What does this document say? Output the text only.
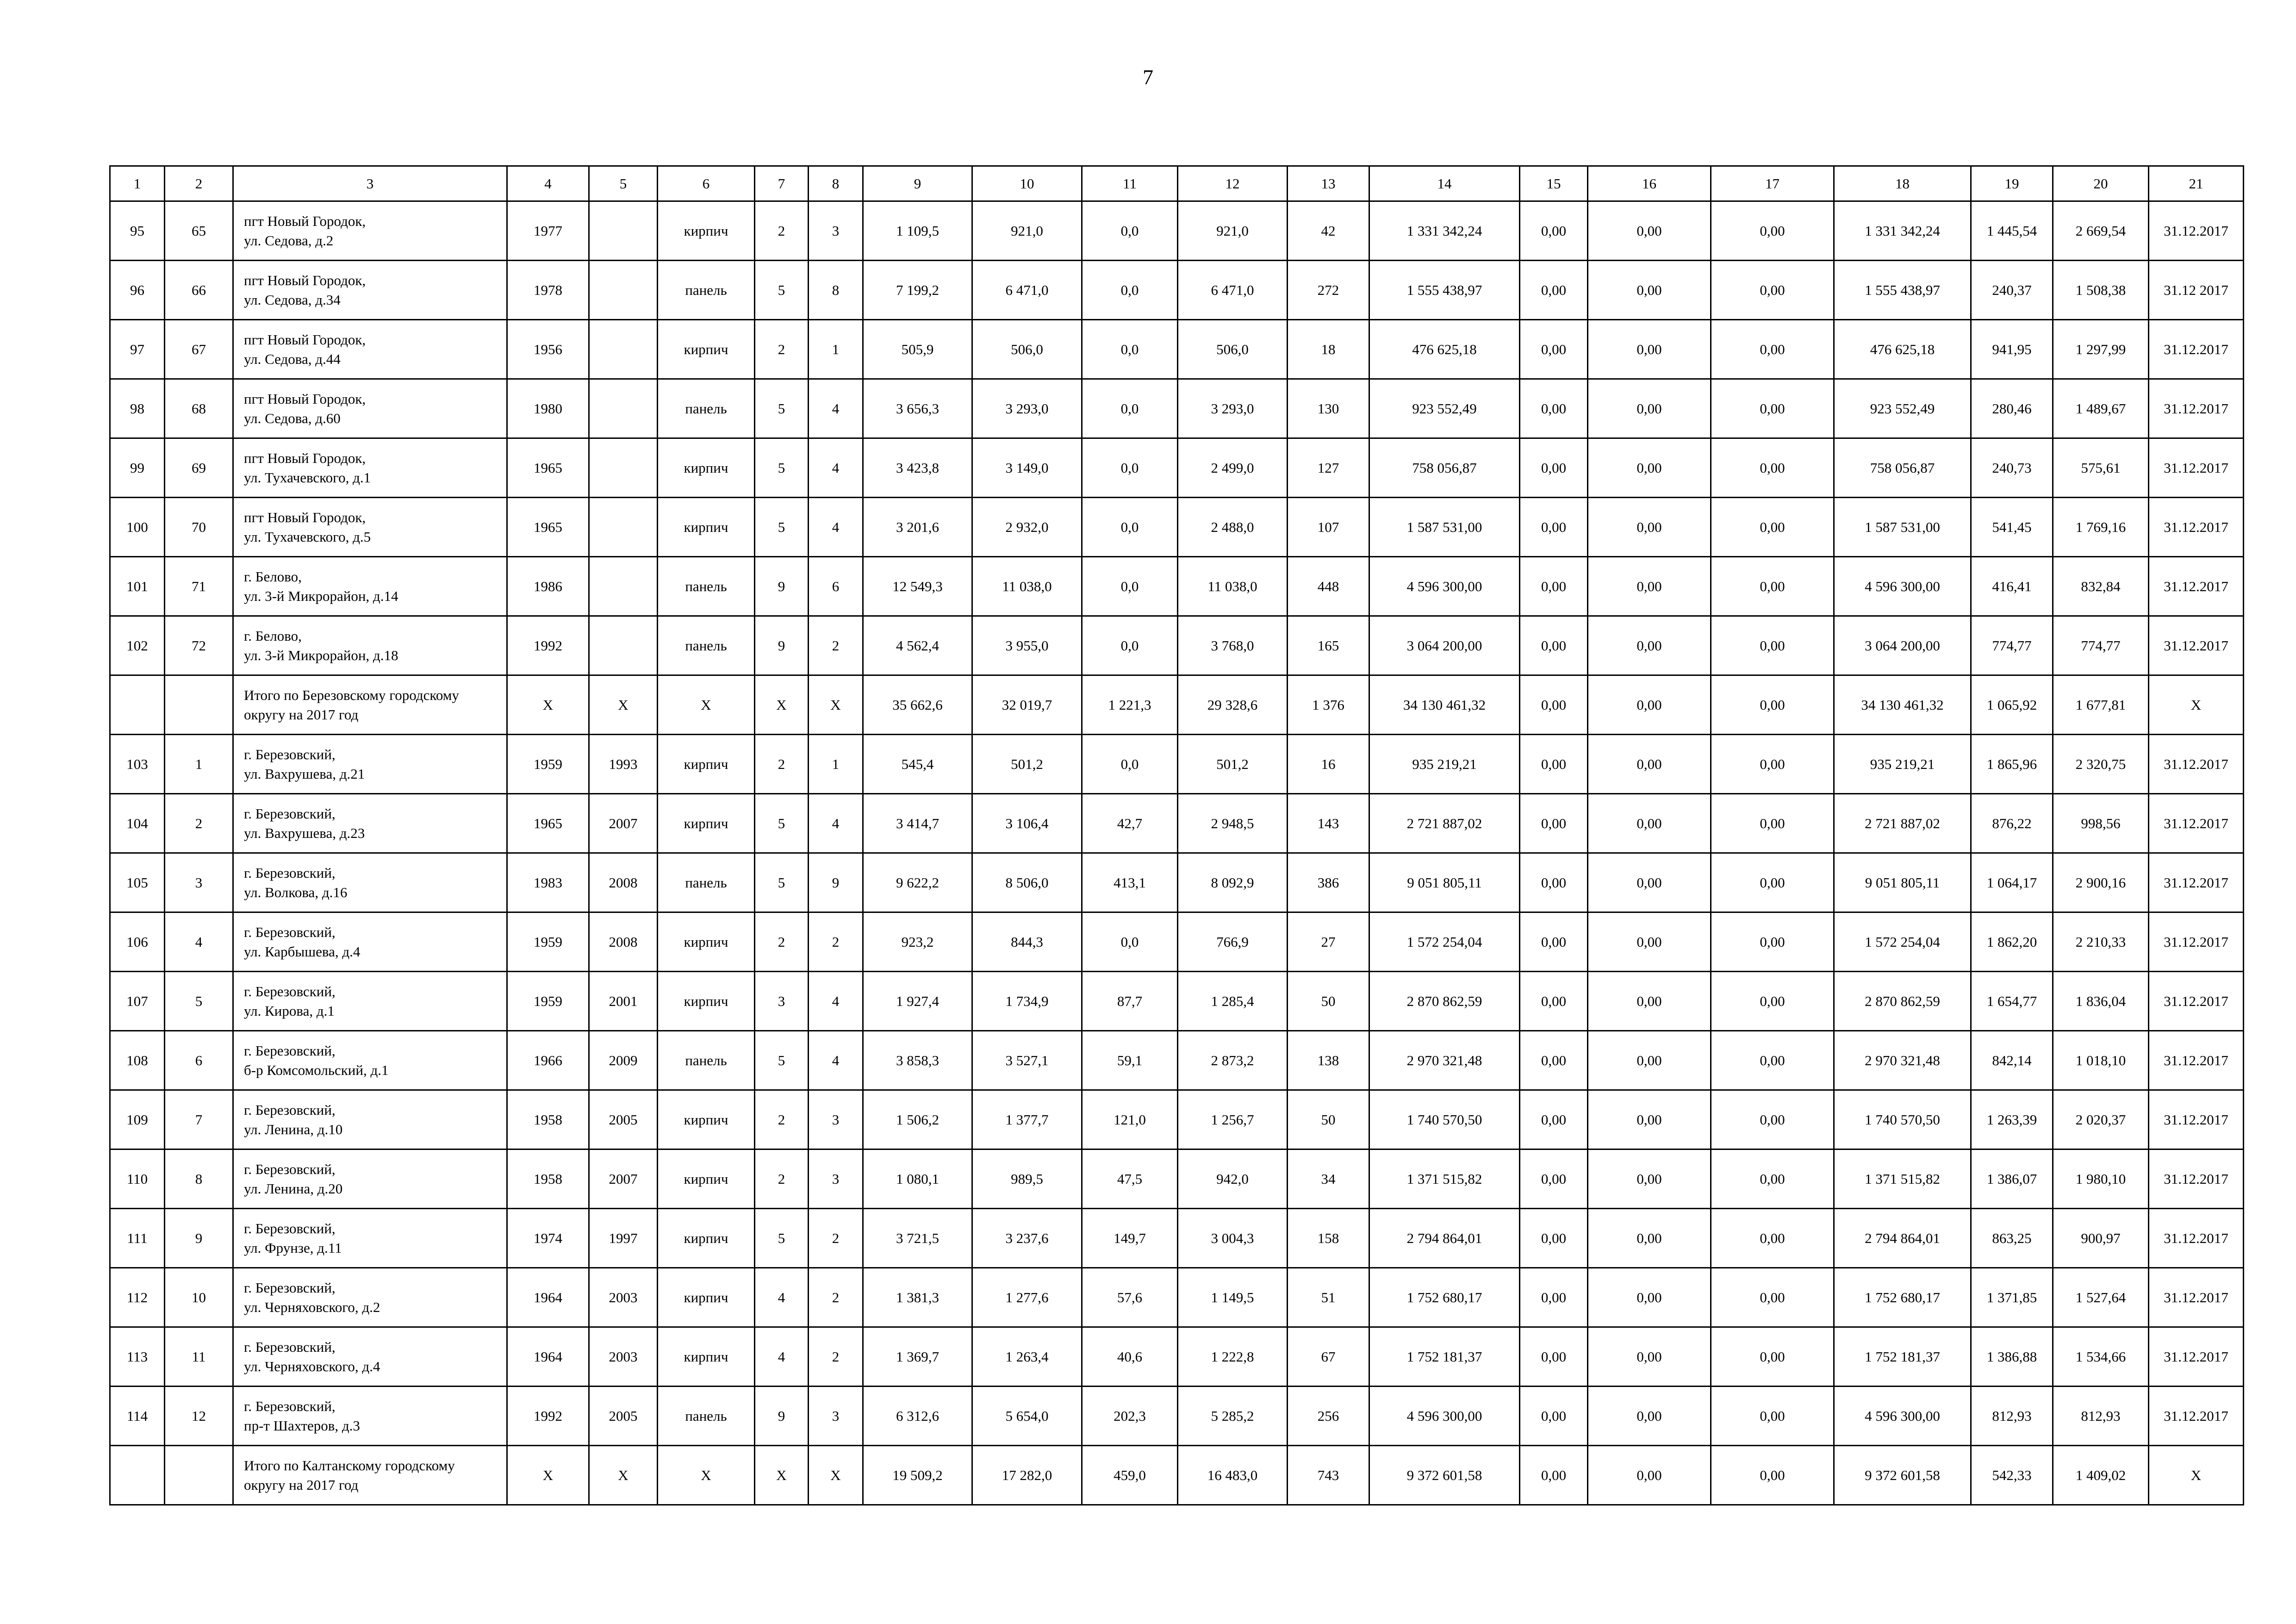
7
1	2	3	4	5	6	7	8	9	10	11	12	13	14	15	16	17	18	19	20	21
95	65	пгт Новый Городок,
ул. Седова, д.2	1977		кирпич	2	3	1 109,5	921,0	0,0	921,0	42	1 331 342,24	0,00	0,00	0,00	1 331 342,24	1 445,54	2 669,54	31.12.2017
96	66	пгт Новый Городок,
ул. Седова, д.34	1978		панель	5	8	7 199,2	6 471,0	0,0	6 471,0	272	1 555 438,97	0,00	0,00	0,00	1 555 438,97	240,37	1 508,38	31.12 2017
97	67	пгт Новый Городок,
ул. Седова, д.44	1956		кирпич	2	1	505,9	506,0	0,0	506,0	18	476 625,18	0,00	0,00	0,00	476 625,18	941,95	1 297,99	31.12.2017
98	68	пгт Новый Городок,
ул. Седова, д.60	1980		панель	5	4	3 656,3	3 293,0	0,0	3 293,0	130	923 552,49	0,00	0,00	0,00	923 552,49	280,46	1 489,67	31.12.2017
99	69	пгт Новый Городок,
ул. Тухачевского, д.1	1965		кирпич	5	4	3 423,8	3 149,0	0,0	2 499,0	127	758 056,87	0,00	0,00	0,00	758 056,87	240,73	575,61	31.12.2017
100	70	пгт Новый Городок,
ул. Тухачевского, д.5	1965		кирпич	5	4	3 201,6	2 932,0	0,0	2 488,0	107	1 587 531,00	0,00	0,00	0,00	1 587 531,00	541,45	1 769,16	31.12.2017
101	71	г. Белово,
ул. 3-й Микрорайон, д.14	1986		панель	9	6	12 549,3	11 038,0	0,0	11 038,0	448	4 596 300,00	0,00	0,00	0,00	4 596 300,00	416,41	832,84	31.12.2017
102	72	г. Белово,
ул. 3-й Микрорайон, д.18	1992		панель	9	2	4 562,4	3 955,0	0,0	3 768,0	165	3 064 200,00	0,00	0,00	0,00	3 064 200,00	774,77	774,77	31.12.2017

		Итого по Березовскому городскому
округу на 2017 год	X	X	X	X	X	35 662,6	32 019,7	1 221,3	29 328,6	1 376	34 130 461,32	0,00	0,00	0,00	34 130 461,32	1 065,92	1 677,81	X
103	1	г. Березовский,
ул. Вахрушева, д.21	1959	1993	кирпич	2	1	545,4	501,2	0,0	501,2	16	935 219,21	0,00	0,00	0,00	935 219,21	1 865,96	2 320,75	31.12.2017
104	2	г. Березовский,
ул. Вахрушева, д.23	1965	2007	кирпич	5	4	3 414,7	3 106,4	42,7	2 948,5	143	2 721 887,02	0,00	0,00	0,00	2 721 887,02	876,22	998,56	31.12.2017
105	3	г. Березовский,
ул. Волкова, д.16	1983	2008	панель	5	9	9 622,2	8 506,0	413,1	8 092,9	386	9 051 805,11	0,00	0,00	0,00	9 051 805,11	1 064,17	2 900,16	31.12.2017
106	4	г. Березовский,
ул. Карбышева, д.4	1959	2008	кирпич	2	2	923,2	844,3	0,0	766,9	27	1 572 254,04	0,00	0,00	0,00	1 572 254,04	1 862,20	2 210,33	31.12.2017
107	5	г. Березовский,
ул. Кирова, д.1	1959	2001	кирпич	3	4	1 927,4	1 734,9	87,7	1 285,4	50	2 870 862,59	0,00	0,00	0,00	2 870 862,59	1 654,77	1 836,04	31.12.2017
108	6	г. Березовский,
б-р Комсомольский, д.1	1966	2009	панель	5	4	3 858,3	3 527,1	59,1	2 873,2	138	2 970 321,48	0,00	0,00	0,00	2 970 321,48	842,14	1 018,10	31.12.2017
109	7	г. Березовский,
ул. Ленина, д.10	1958	2005	кирпич	2	3	1 506,2	1 377,7	121,0	1 256,7	50	1 740 570,50	0,00	0,00	0,00	1 740 570,50	1 263,39	2 020,37	31.12.2017
110	8	г. Березовский,
ул. Ленина, д.20	1958	2007	кирпич	2	3	1 080,1	989,5	47,5	942,0	34	1 371 515,82	0,00	0,00	0,00	1 371 515,82	1 386,07	1 980,10	31.12.2017
111	9	г. Березовский,
ул. Фрунзе, д.11	1974	1997	кирпич	5	2	3 721,5	3 237,6	149,7	3 004,3	158	2 794 864,01	0,00	0,00	0,00	2 794 864,01	863,25	900,97	31.12.2017
112	10	г. Березовский,
ул. Черняховского, д.2	1964	2003	кирпич	4	2	1 381,3	1 277,6	57,6	1 149,5	51	1 752 680,17	0,00	0,00	0,00	1 752 680,17	1 371,85	1 527,64	31.12.2017
113	11	г. Березовский,
ул. Черняховского, д.4	1964	2003	кирпич	4	2	1 369,7	1 263,4	40,6	1 222,8	67	1 752 181,37	0,00	0,00	0,00	1 752 181,37	1 386,88	1 534,66	31.12.2017
114	12	г. Березовский,
пр-т Шахтеров, д.3	1992	2005	панель	9	3	6 312,6	5 654,0	202,3	5 285,2	256	4 596 300,00	0,00	0,00	0,00	4 596 300,00	812,93	812,93	31.12.2017

		Итого по Калтанскому городскому
округу на 2017 год	X	X	X	X	X	19 509,2	17 282,0	459,0	16 483,0	743	9 372 601,58	0,00	0,00	0,00	9 372 601,58	542,33	1 409,02	X
